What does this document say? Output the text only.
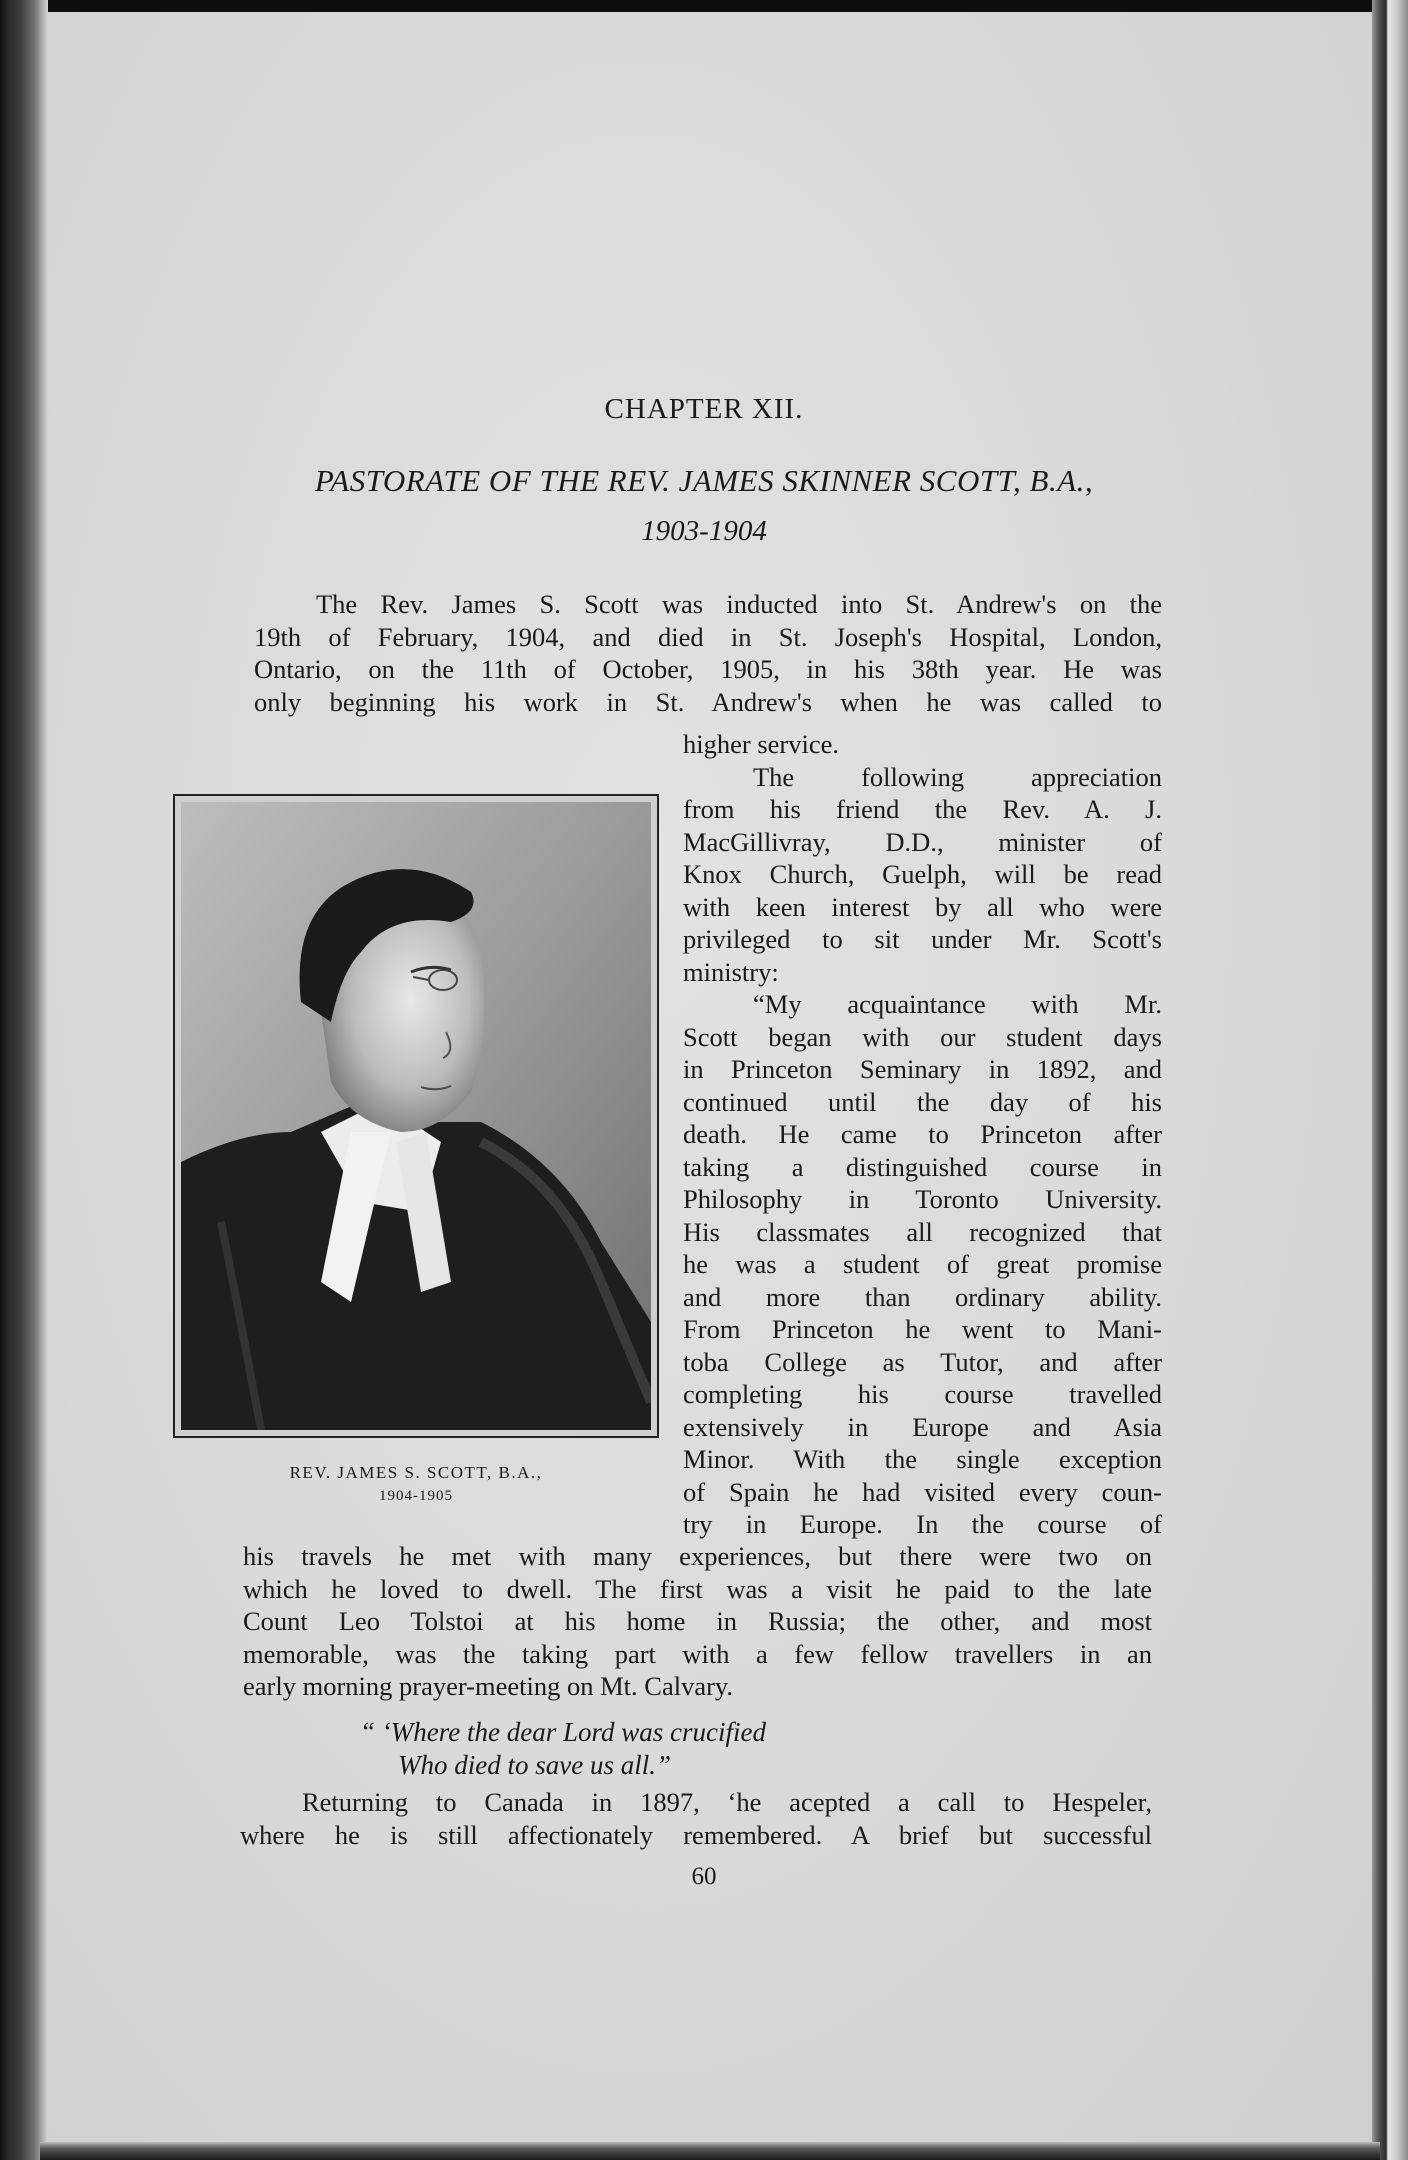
CHAPTER XII.
PASTORATE OF THE REV. JAMES SKINNER SCOTT, B.A.,
1903-1904

The Rev. James S. Scott was inducted into St. Andrew's on the

19th of February, 1904, and died in St. Joseph's Hospital, London,

Ontario, on the 11th of October, 1905, in his 38th year. He was

only beginning his work in St. Andrew's when he was called to

higher service.

The following appreciation

from his friend the Rev. A. J.

MacGillivray, D.D., minister of

Knox Church, Guelph, will be read

with keen interest by all who were

privileged to sit under Mr. Scott's

ministry:

“My acquaintance with Mr.

Scott began with our student days

in Princeton Seminary in 1892, and

continued until the day of his

death. He came to Princeton after

taking a distinguished course in

Philosophy in Toronto University.

His classmates all recognized that

he was a student of great promise

and more than ordinary ability.

From Princeton he went to Mani-

toba College as Tutor, and after

completing his course travelled

extensively in Europe and Asia

Minor. With the single exception

of Spain he had visited every coun-

try in Europe. In the course of

REV. JAMES S. SCOTT, B.A.,
1904-1905

his travels he met with many experiences, but there were two on

which he loved to dwell. The first was a visit he paid to the late

Count Leo Tolstoi at his home in Russia; the other, and most

memorable, was the taking part with a few fellow travellers in an

early morning prayer-meeting on Mt. Calvary.

“ ‘Where the dear Lord was crucified
Who died to save us all.”

Returning to Canada in 1897, ‘he acepted a call to Hespeler,

where he is still affectionately remembered. A brief but successful

60
